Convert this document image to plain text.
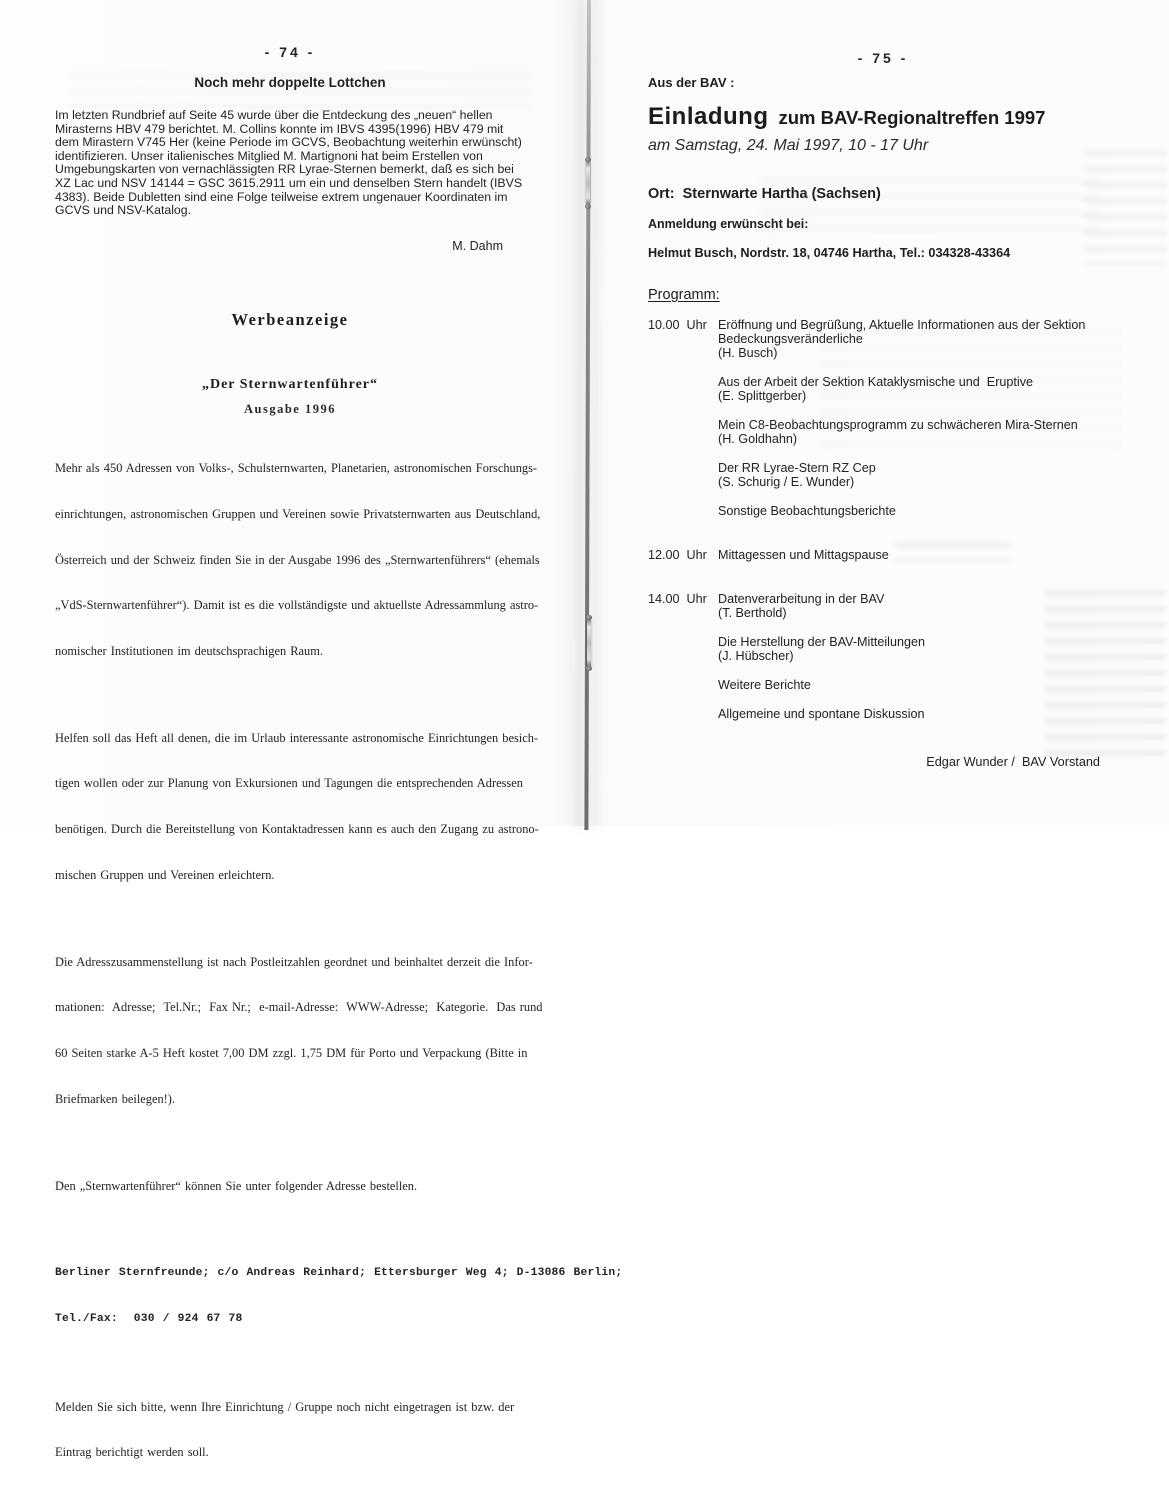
- 74 -
Noch mehr doppelte Lottchen
Im letzten Rundbrief auf Seite 45 wurde über die Entdeckung des „neuen“ hellen
Mirasterns HBV 479 berichtet. M. Collins konnte im IBVS 4395(1996) HBV 479 mit
dem Mirastern V745 Her (keine Periode im GCVS, Beobachtung weiterhin erwünscht)
identifizieren. Unser italienisches Mitglied M. Martignoni hat beim Erstellen von
Umgebungskarten von vernachlässigten RR Lyrae-Sternen bemerkt, daß es sich bei
XZ Lac und NSV 14144 = GSC 3615.2911 um ein und denselben Stern handelt (IBVS
4383). Beide Dubletten sind eine Folge teilweise extrem ungenauer Koordinaten im
GCVS und NSV-Katalog.
M. Dahm
Werbeanzeige
„Der Sternwartenführer“
Ausgabe 1996

Mehr als 450 Adressen von Volks-, Schulsternwarten, Planetarien, astronomischen Forschungs-

einrichtungen, astronomischen Gruppen und Vereinen sowie Privatsternwarten aus Deutschland,

Österreich und der Schweiz finden Sie in der Ausgabe 1996 des „Sternwartenführers“ (ehemals

„VdS-Sternwartenführer“). Damit ist es die vollständigste und aktuellste Adressammlung astro-

nomischer Institutionen im deutschsprachigen Raum.

Helfen soll das Heft all denen, die im Urlaub interessante astronomische Einrichtungen besich-

tigen wollen oder zur Planung von Exkursionen und Tagungen die entsprechenden Adressen

benötigen. Durch die Bereitstellung von Kontaktadressen kann es auch den Zugang zu astrono-

mischen Gruppen und Vereinen erleichtern.

Die Adresszusammenstellung ist nach Postleitzahlen geordnet und beinhaltet derzeit die Infor-

mationen:  Adresse;  Tel.Nr.;  Fax Nr.;  e-mail-Adresse:  WWW-Adresse;  Kategorie.  Das rund

60 Seiten starke A-5 Heft kostet 7,00 DM zzgl. 1,75 DM für Porto und Verpackung (Bitte in

Briefmarken beilegen!).

Den „Sternwartenführer“ können Sie unter folgender Adresse bestellen.

Berliner Sternfreunde; c/o Andreas Reinhard; Ettersburger Weg 4; D-13086 Berlin;

Tel./Fax:  030 / 924 67 78

Melden Sie sich bitte, wenn Ihre Einrichtung / Gruppe noch nicht eingetragen ist bzw. der

Eintrag berichtigt werden soll.

- 75 -
Aus der BAV :
Einladung zum BAV-Regionaltreffen 1997
am Samstag, 24. Mai 1997, 10 - 17 Uhr
Ort:  Sternwarte Hartha (Sachsen)
Anmeldung erwünscht bei:
Helmut Busch, Nordstr. 18, 04746 Hartha, Tel.: 034328-43364
Programm:
10.00  Uhr Eröffnung und Begrüßung, Aktuelle Informationen aus der Sektion
Bedeckungsveränderliche
(H. Busch)
Aus der Arbeit der Sektion Kataklysmische und  Eruptive
(E. Splittgerber)
Mein C8-Beobachtungsprogramm zu schwächeren Mira-Sternen
(H. Goldhahn)
Der RR Lyrae-Stern RZ Cep
(S. Schurig / E. Wunder)
Sonstige Beobachtungsberichte
12.00  Uhr Mittagessen und Mittagspause
14.00  Uhr Datenverarbeitung in der BAV
(T. Berthold)
Die Herstellung der BAV-Mitteilungen
(J. Hübscher)
Weitere Berichte
Allgemeine und spontane Diskussion
Edgar Wunder /  BAV Vorstand
